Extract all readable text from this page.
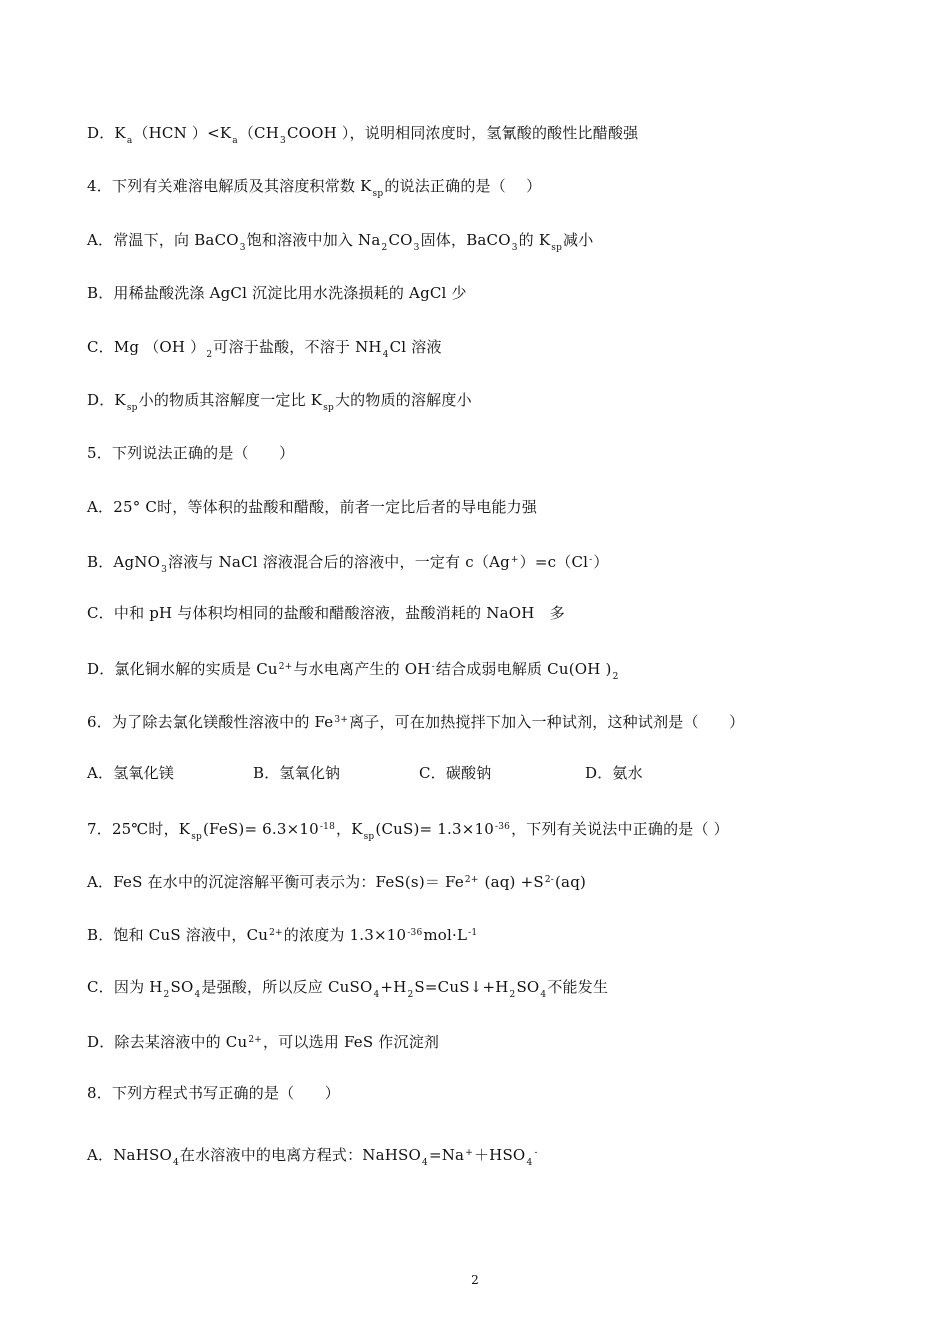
D．$K_a(HCN$ ）$<K_a(CH_3COOH$ ），说明相同浓度时，氢氰酸的酸性比醋酸强
4．下列有关难溶电解质及其溶度积常数 $K_{sp}$的说法正确的是（　 ）
A．常温下，向 BaCO$_3$饱和溶液中加入 $Na_2CO_3$固体，BaCO$_3$的 $K_{sp}$减小
B．用稀盐酸洗涤 AgCl 沉淀比用水洗涤损耗的 AgCl 少
C．Mg （OH ）$_2$可溶于盐酸，不溶于 $NH_4Cl$ 溶液
D．$K_{sp}$小的物质其溶解度一定比 $K_{sp}$大的物质的溶解度小
5．下列说法正确的是（　　）
A．25° C时，等体积的盐酸和醋酸，前者一定比后者的导电能力强
B．AgNO$_3$溶液与 NaCl 溶液混合后的溶液中，一定有 c（Ag+）=c（Cl-）
C．中和 pH 与体积均相同的盐酸和醋酸溶液，盐酸消耗的 NaOH　多
D．氯化铜水解的实质是 $Cu^{2+}$与水电离产生的 OH-结合成弱电解质 Cu(OH )$_2$
6．为了除去氯化镁酸性溶液中的 $Fe^{3+}$离子，可在加热搅拌下加入一种试剂，这种试剂是（　　）
A．氢氧化镁	B．氢氧化钠	C．碳酸钠	D．氨水
7．25℃时，$K_{sp}(FeS)= 6.3\times 10^{-18}$，$K_{sp}(CuS)= 1.3\times 10^{-36}$，下列有关说法中正确的是（ ）
A．FeS 在水中的沉淀溶解平衡可表示为：$FeS(s)= Fe^{2+}$ $(aq) +S^{2-}(aq)$
B．饱和 CuS 溶液中，$Cu^{2+}$的浓度为 $1.3\times 10^{-36}mol\cdot L^{-1}$
C．因为 $H_2SO_4$是强酸，所以反应 $CuSO_4+H_2S=CuS↓+H_2SO_4$不能发生
D．除去某溶液中的 $Cu^{2+}$，可以选用 FeS 作沉淀剂
8．下列方程式书写正确的是（　　）
A．NaHSO$_4$在水溶液中的电离方程式：$NaHSO_4=Na^++HSO_4^-$
2
